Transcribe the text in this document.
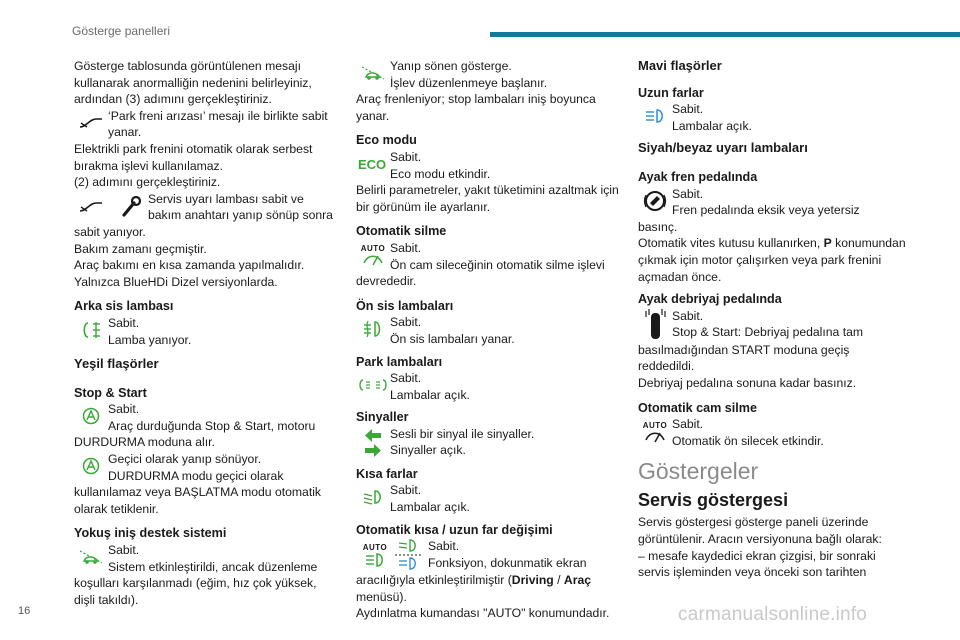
Gösterge panelleri

Gösterge tablosunda görüntülenen mesajı kullanarak anormalliğin nedenini belirleyiniz, ardından (3) adımını gerçekleştiriniz.

‘Park freni arızası’ mesajı ile birlikte sabit yanar.

Elektrikli park frenini otomatik olarak serbest bırakma işlevi kullanılamaz.

(2) adımını gerçekleştiriniz.

Servis uyarı lambası sabit ve bakım anahtarı yanıp sönüp sonra

sabit yanıyor.

Bakım zamanı geçmiştir.

Araç bakımı en kısa zamanda yapılmalıdır.

Yalnızca BlueHDi Dizel versiyonlarda.

Arka sis lambası

Sabit.
Lamba yanıyor.

Yeşil flaşörler

Stop & Start

Sabit.
Araç durduğunda Stop & Start, motoru

DURDURMA moduna alır.

Geçici olarak yanıp sönüyor.
DURDURMA modu geçici olarak

kullanılamaz veya BAŞLATMA modu otomatik olarak tetiklenir.

Yokuş iniş destek sistemi

Sabit.
Sistem etkinleştirildi, ancak düzenleme

koşulları karşılanmadı (eğim, hız çok yüksek, dişli takıldı).

Yanıp sönen gösterge.
İşlev düzenlenmeye başlanır.

Araç frenleniyor; stop lambaları iniş boyunca yanar.

Eco modu

ECO Sabit.
Eco modu etkindir.

Belirli parametreler, yakıt tüketimini azaltmak için bir görünüm ile ayarlanır.

Otomatik silme

AUTO Sabit.
Ön cam sileceğinin otomatik silme işlevi

devrededir.

Ön sis lambaları

Sabit.
Ön sis lambaları yanar.

Park lambaları

Sabit.
Lambalar açık.

Sinyaller

Sesli bir sinyal ile sinyaller.
Sinyaller açık.

Kısa farlar

Sabit.
Lambalar açık.

Otomatik kısa / uzun far değişimi

AUTO	Sabit.
Fonksiyon, dokunmatik ekran

aracılığıyla etkinleştirilmiştir (Driving / Araç menüsü).

Aydınlatma kumandası "AUTO" konumundadır.

Mavi flaşörler

Uzun farlar

Sabit.
Lambalar açık.

Siyah/beyaz uyarı lambaları

Ayak fren pedalında

Sabit.
Fren pedalında eksik veya yetersiz

basınç.

Otomatik vites kutusu kullanırken, P konumundan çıkmak için motor çalışırken veya park frenini açmadan önce.

Ayak debriyaj pedalında

Sabit.
Stop & Start: Debriyaj pedalına tam

basılmadığından START moduna geçiş reddedildi.

Debriyaj pedalına sonuna kadar basınız.

Otomatik cam silme

AUTO Sabit.
Otomatik ön silecek etkindir.

Göstergeler

Servis göstergesi

Servis göstergesi gösterge paneli üzerinde görüntülenir. Aracın versiyonuna bağlı olarak:

– mesafe kaydedici ekran çizgisi, bir sonraki

servis işleminden veya önceki son tarihten

16	carmanualsonline.info
